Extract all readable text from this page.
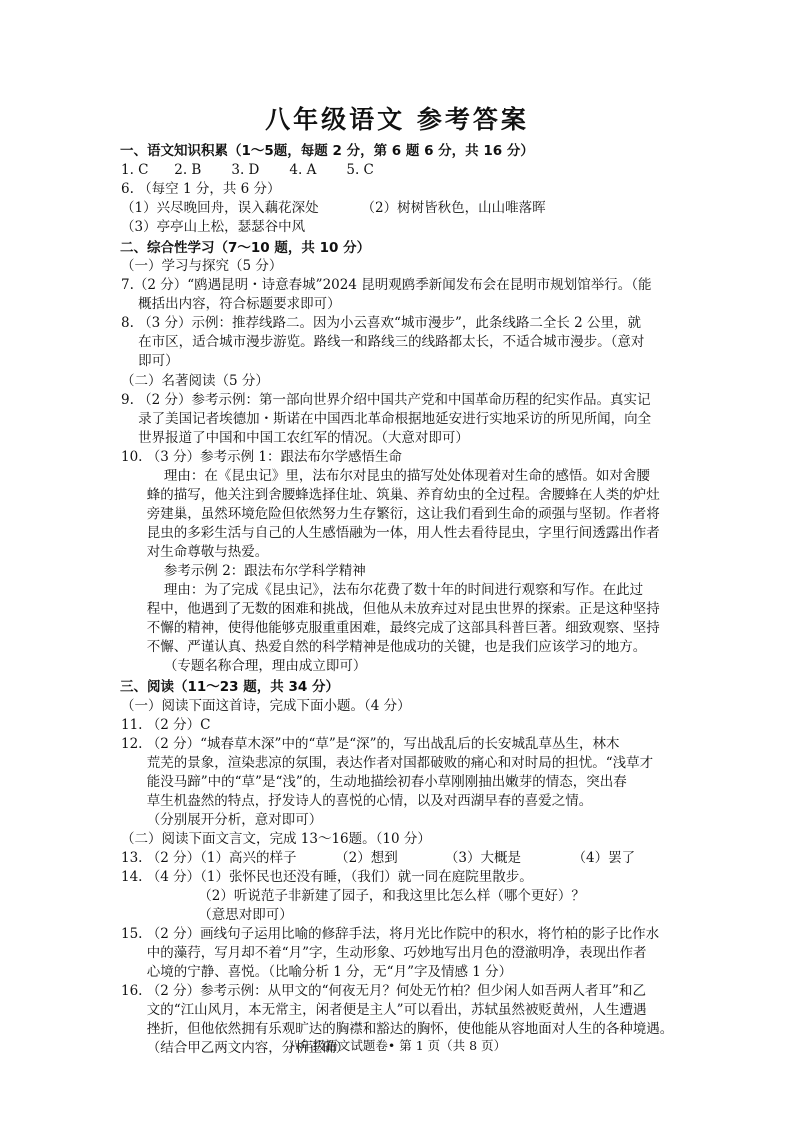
八年级语文 参考答案
一、语文知识积累（1～5题，每题 2 分，第 6 题 6 分，共 16 分）
1. C      2. B       3. D       4. A       5. C
6. （每空 1 分，共 6 分）
（1）兴尽晚回舟，误入藕花深处          （2）树树皆秋色，山山唯落晖
（3）亭亭山上松，瑟瑟谷中风
二、综合性学习（7～10 题，共 10 分）
（一）学习与探究（5 分）
7.（2 分）“鸥遇昆明・诗意春城”2024 昆明观鸥季新闻发布会在昆明市规划馆举行。（能
概括出内容，符合标题要求即可）
8. （3 分）示例：推荐线路二。因为小云喜欢“城市漫步”，此条线路二全长 2 公里，就
在市区，适合城市漫步游览。路线一和路线三的线路都太长，不适合城市漫步。（意对
即可）
（二）名著阅读（5 分）
9. （2 分）参考示例：第一部向世界介绍中国共产党和中国革命历程的纪实作品。真实记
录了美国记者埃德加・斯诺在中国西北革命根据地延安进行实地采访的所见所闻，向全
世界报道了中国和中国工农红军的情况。（大意对即可）
10. （3 分）参考示例 1：跟法布尔学感悟生命
理由：在《昆虫记》里，法布尔对昆虫的描写处处体现着对生命的感悟。如对舍腰
蜂的描写，他关注到舍腰蜂选择住址、筑巢、养育幼虫的全过程。舍腰蜂在人类的炉灶
旁建巢，虽然环境危险但依然努力生存繁衍，这让我们看到生命的顽强与坚韧。作者将
昆虫的多彩生活与自己的人生感悟融为一体，用人性去看待昆虫，字里行间透露出作者
对生命尊敬与热爱。
参考示例 2：跟法布尔学科学精神
理由：为了完成《昆虫记》，法布尔花费了数十年的时间进行观察和写作。在此过
程中，他遇到了无数的困难和挑战，但他从未放弃过对昆虫世界的探索。正是这种坚持
不懈的精神，使得他能够克服重重困难，最终完成了这部具科普巨著。细致观察、坚持
不懈、严谨认真、热爱自然的科学精神是他成功的关键，也是我们应该学习的地方。
（专题名称合理，理由成立即可）
三、阅读（11～23 题，共 34 分）
（一）阅读下面这首诗，完成下面小题。（4 分）
11. （2 分）C
12. （2 分）“城春草木深”中的“草”是“深”的，写出战乱后的长安城乱草丛生，林木
荒芜的景象，渲染悲凉的氛围，表达作者对国都破败的痛心和对时局的担忧。“浅草才
能没马蹄”中的“草”是“浅”的，生动地描绘初春小草刚刚抽出嫩芽的情态，突出春
草生机盎然的特点，抒发诗人的喜悦的心情，以及对西湖早春的喜爱之情。
（分别展开分析，意对即可）
（二）阅读下面文言文，完成 13～16题。（10 分）
13. （2 分）（1）高兴的样子         （2）想到           （3）大概是            （4）罢了
14. （4 分）（1）张怀民也还没有睡，（我们）就一同在庭院里散步。
（2）听说范子非新建了园子，和我这里比怎么样（哪个更好）？
（意思对即可）
15. （2 分）画线句子运用比喻的修辞手法，将月光比作院中的积水，将竹柏的影子比作水
中的藻荇，写月却不着“月”字，生动形象、巧妙地写出月色的澄澈明净，表现出作者
心境的宁静、喜悦。（比喻分析 1 分，无“月”字及情感 1 分）
16. （2 分）参考示例：从甲文的“何夜无月？何处无竹柏？但少闲人如吾两人者耳”和乙
文的“江山风月，本无常主，闲者便是主人”可以看出，苏轼虽然被贬黄州，人生遭遇
挫折，但他依然拥有乐观旷达的胸襟和豁达的胸怀，使他能从容地面对人生的各种境遇。
（结合甲乙两文内容，分析正确）
八年级语文试题卷• 第 1 页（共 8 页）
